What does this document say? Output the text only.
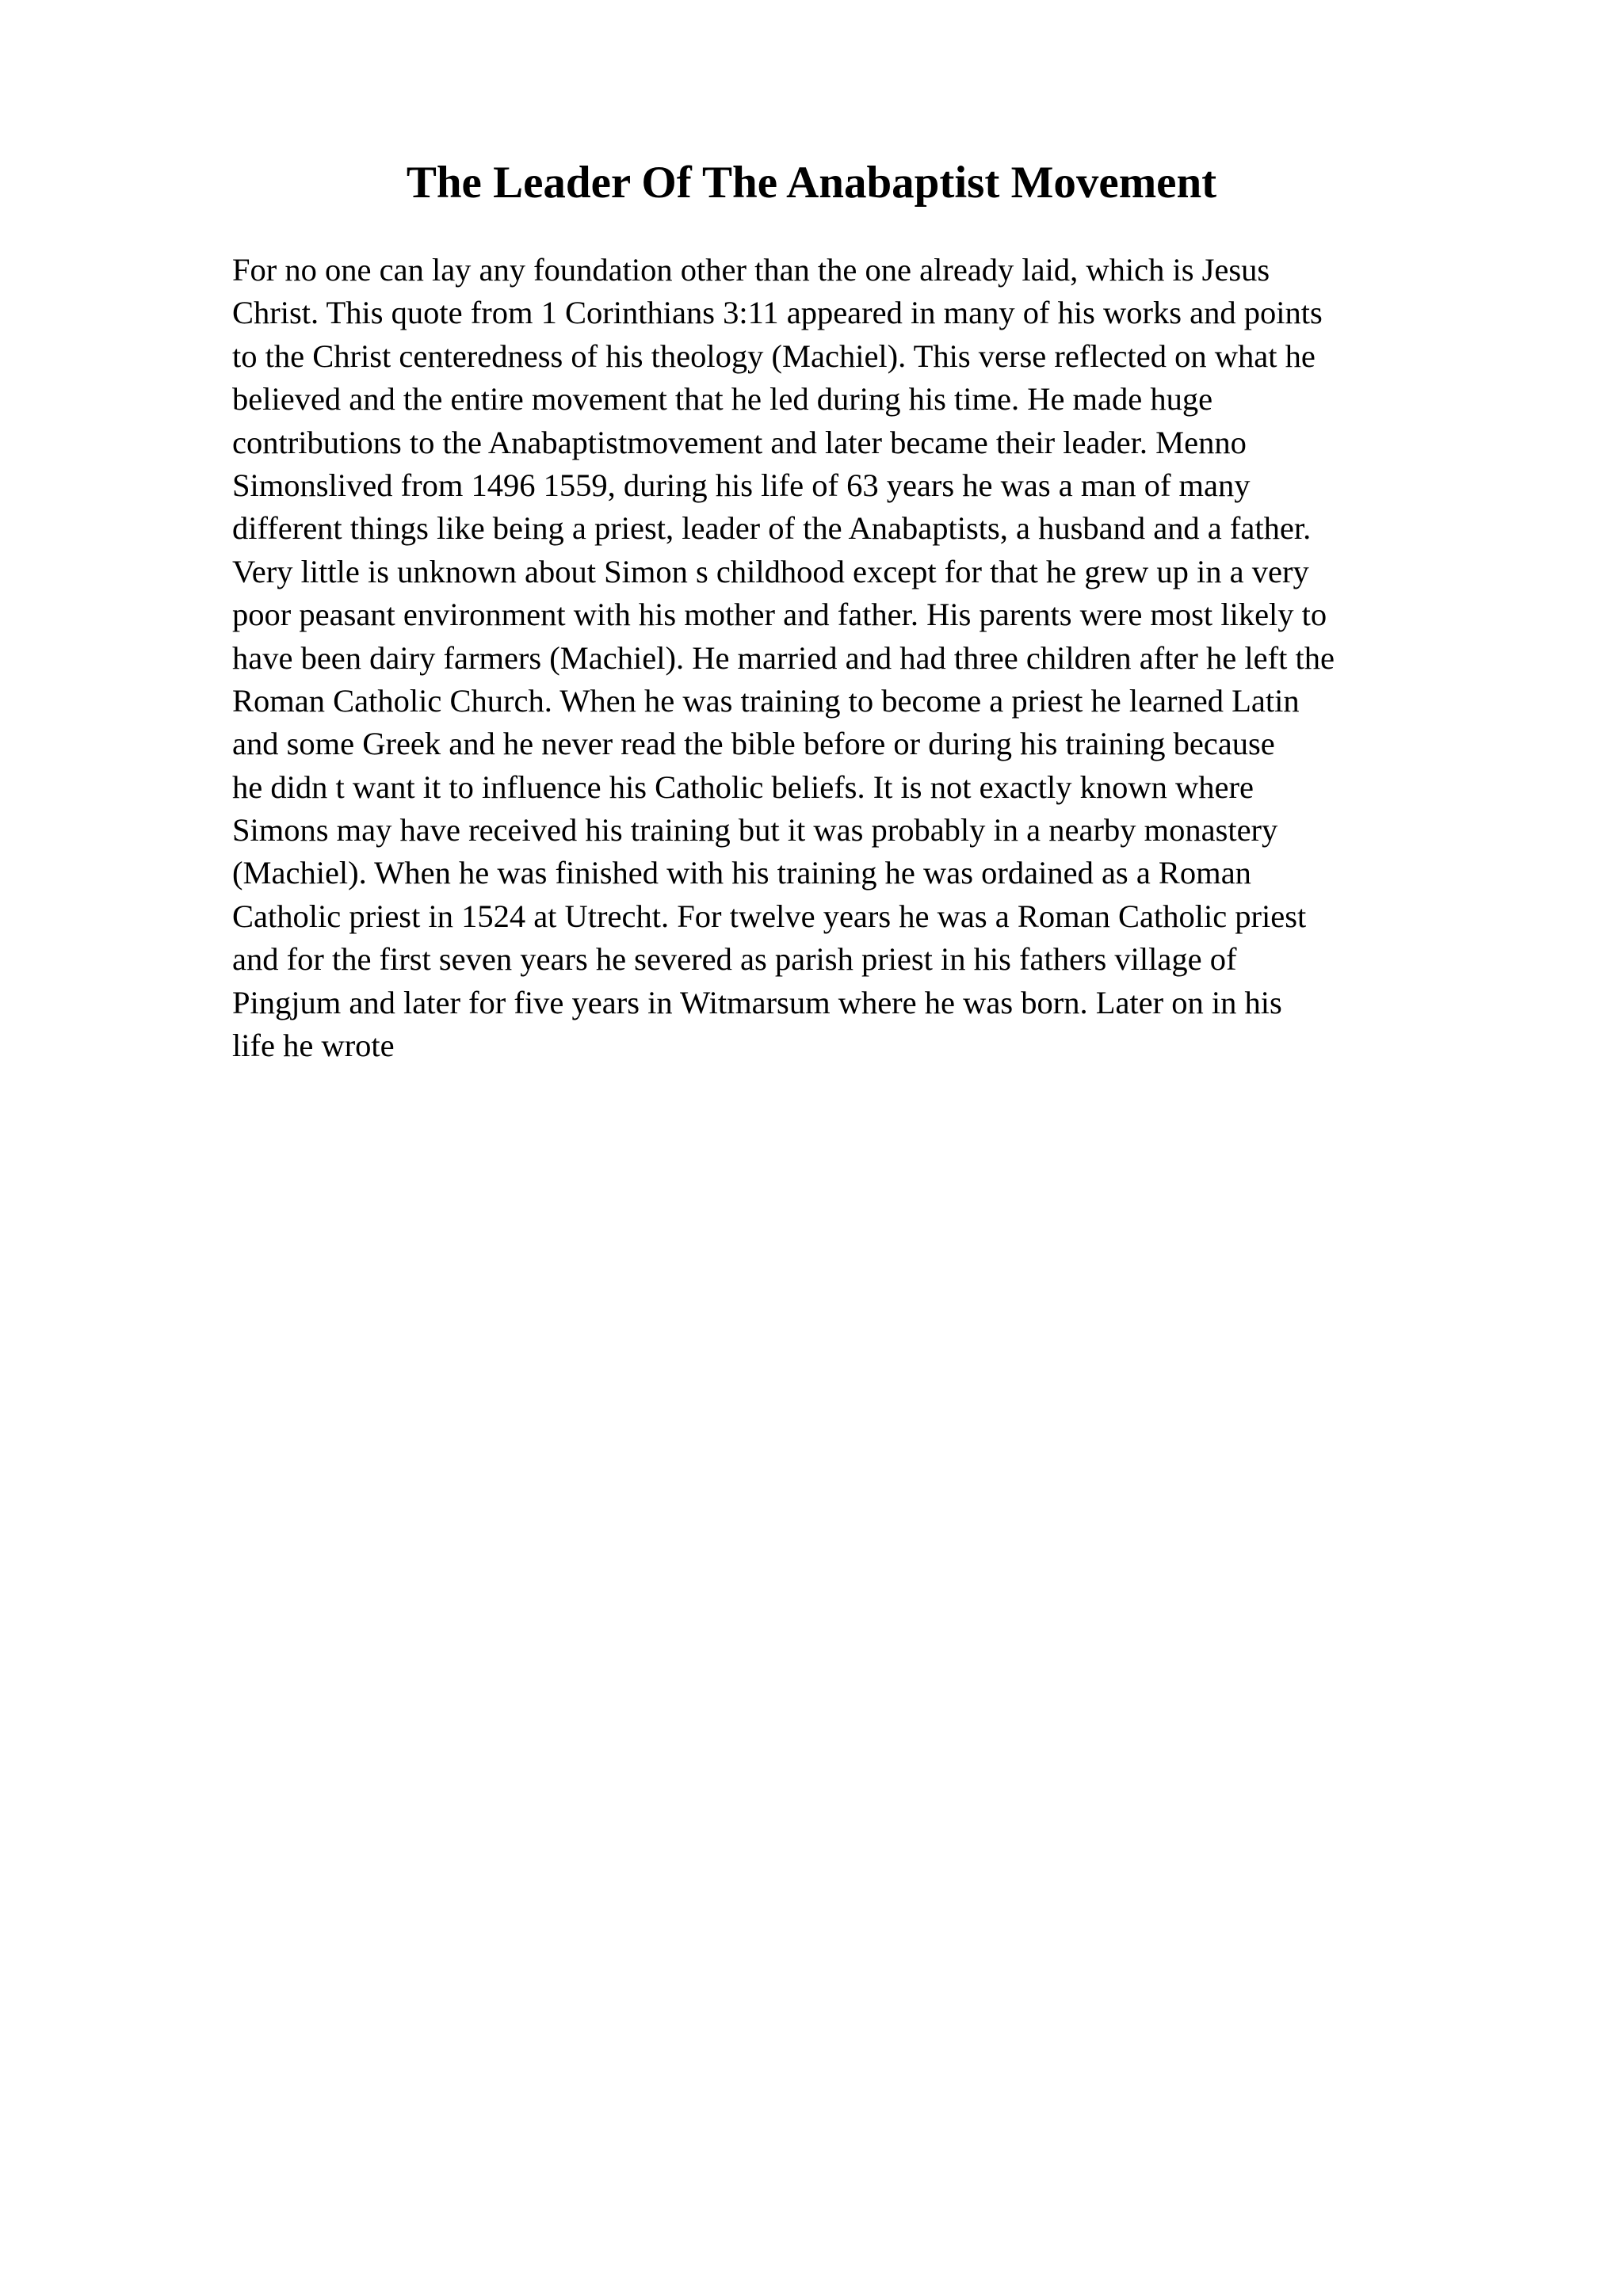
The Leader Of The Anabaptist Movement
For no one can lay any foundation other than the one already laid, which is Jesus
Christ. This quote from 1 Corinthians 3:11 appeared in many of his works and points
to the Christ centeredness of his theology (Machiel). This verse reflected on what he
believed and the entire movement that he led during his time. He made huge
contributions to the Anabaptistmovement and later became their leader. Menno
Simonslived from 1496 1559, during his life of 63 years he was a man of many
different things like being a priest, leader of the Anabaptists, a husband and a father.
Very little is unknown about Simon s childhood except for that he grew up in a very
poor peasant environment with his mother and father. His parents were most likely to
have been dairy farmers (Machiel). He married and had three children after he left the
Roman Catholic Church. When he was training to become a priest he learned Latin
and some Greek and he never read the bible before or during his training because
he didn t want it to influence his Catholic beliefs. It is not exactly known where
Simons may have received his training but it was probably in a nearby monastery
(Machiel). When he was finished with his training he was ordained as a Roman
Catholic priest in 1524 at Utrecht. For twelve years he was a Roman Catholic priest
and for the first seven years he severed as parish priest in his fathers village of
Pingjum and later for five years in Witmarsum where he was born. Later on in his
life he wrote
